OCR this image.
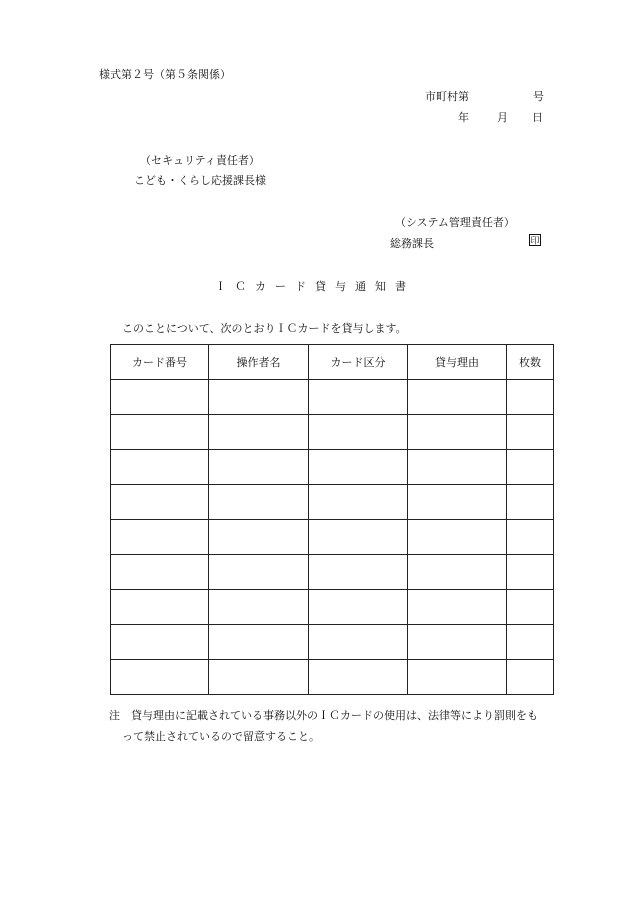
様式第２号（第５条関係）
市町村第	号
年	月 日
（セキュリティ責任者）
こども・くらし応援課長様
（システム管理責任者）
総務課長	印
ＩＣカード貸与通知書
このことについて、次のとおりＩＣカードを貸与します。
カード番号	操作者名	カード区分	貸与理由	枚数

注　貸与理由に記載されている事務以外のＩＣカードの使用は、法律等により罰則をも
って禁止されているので留意すること。
